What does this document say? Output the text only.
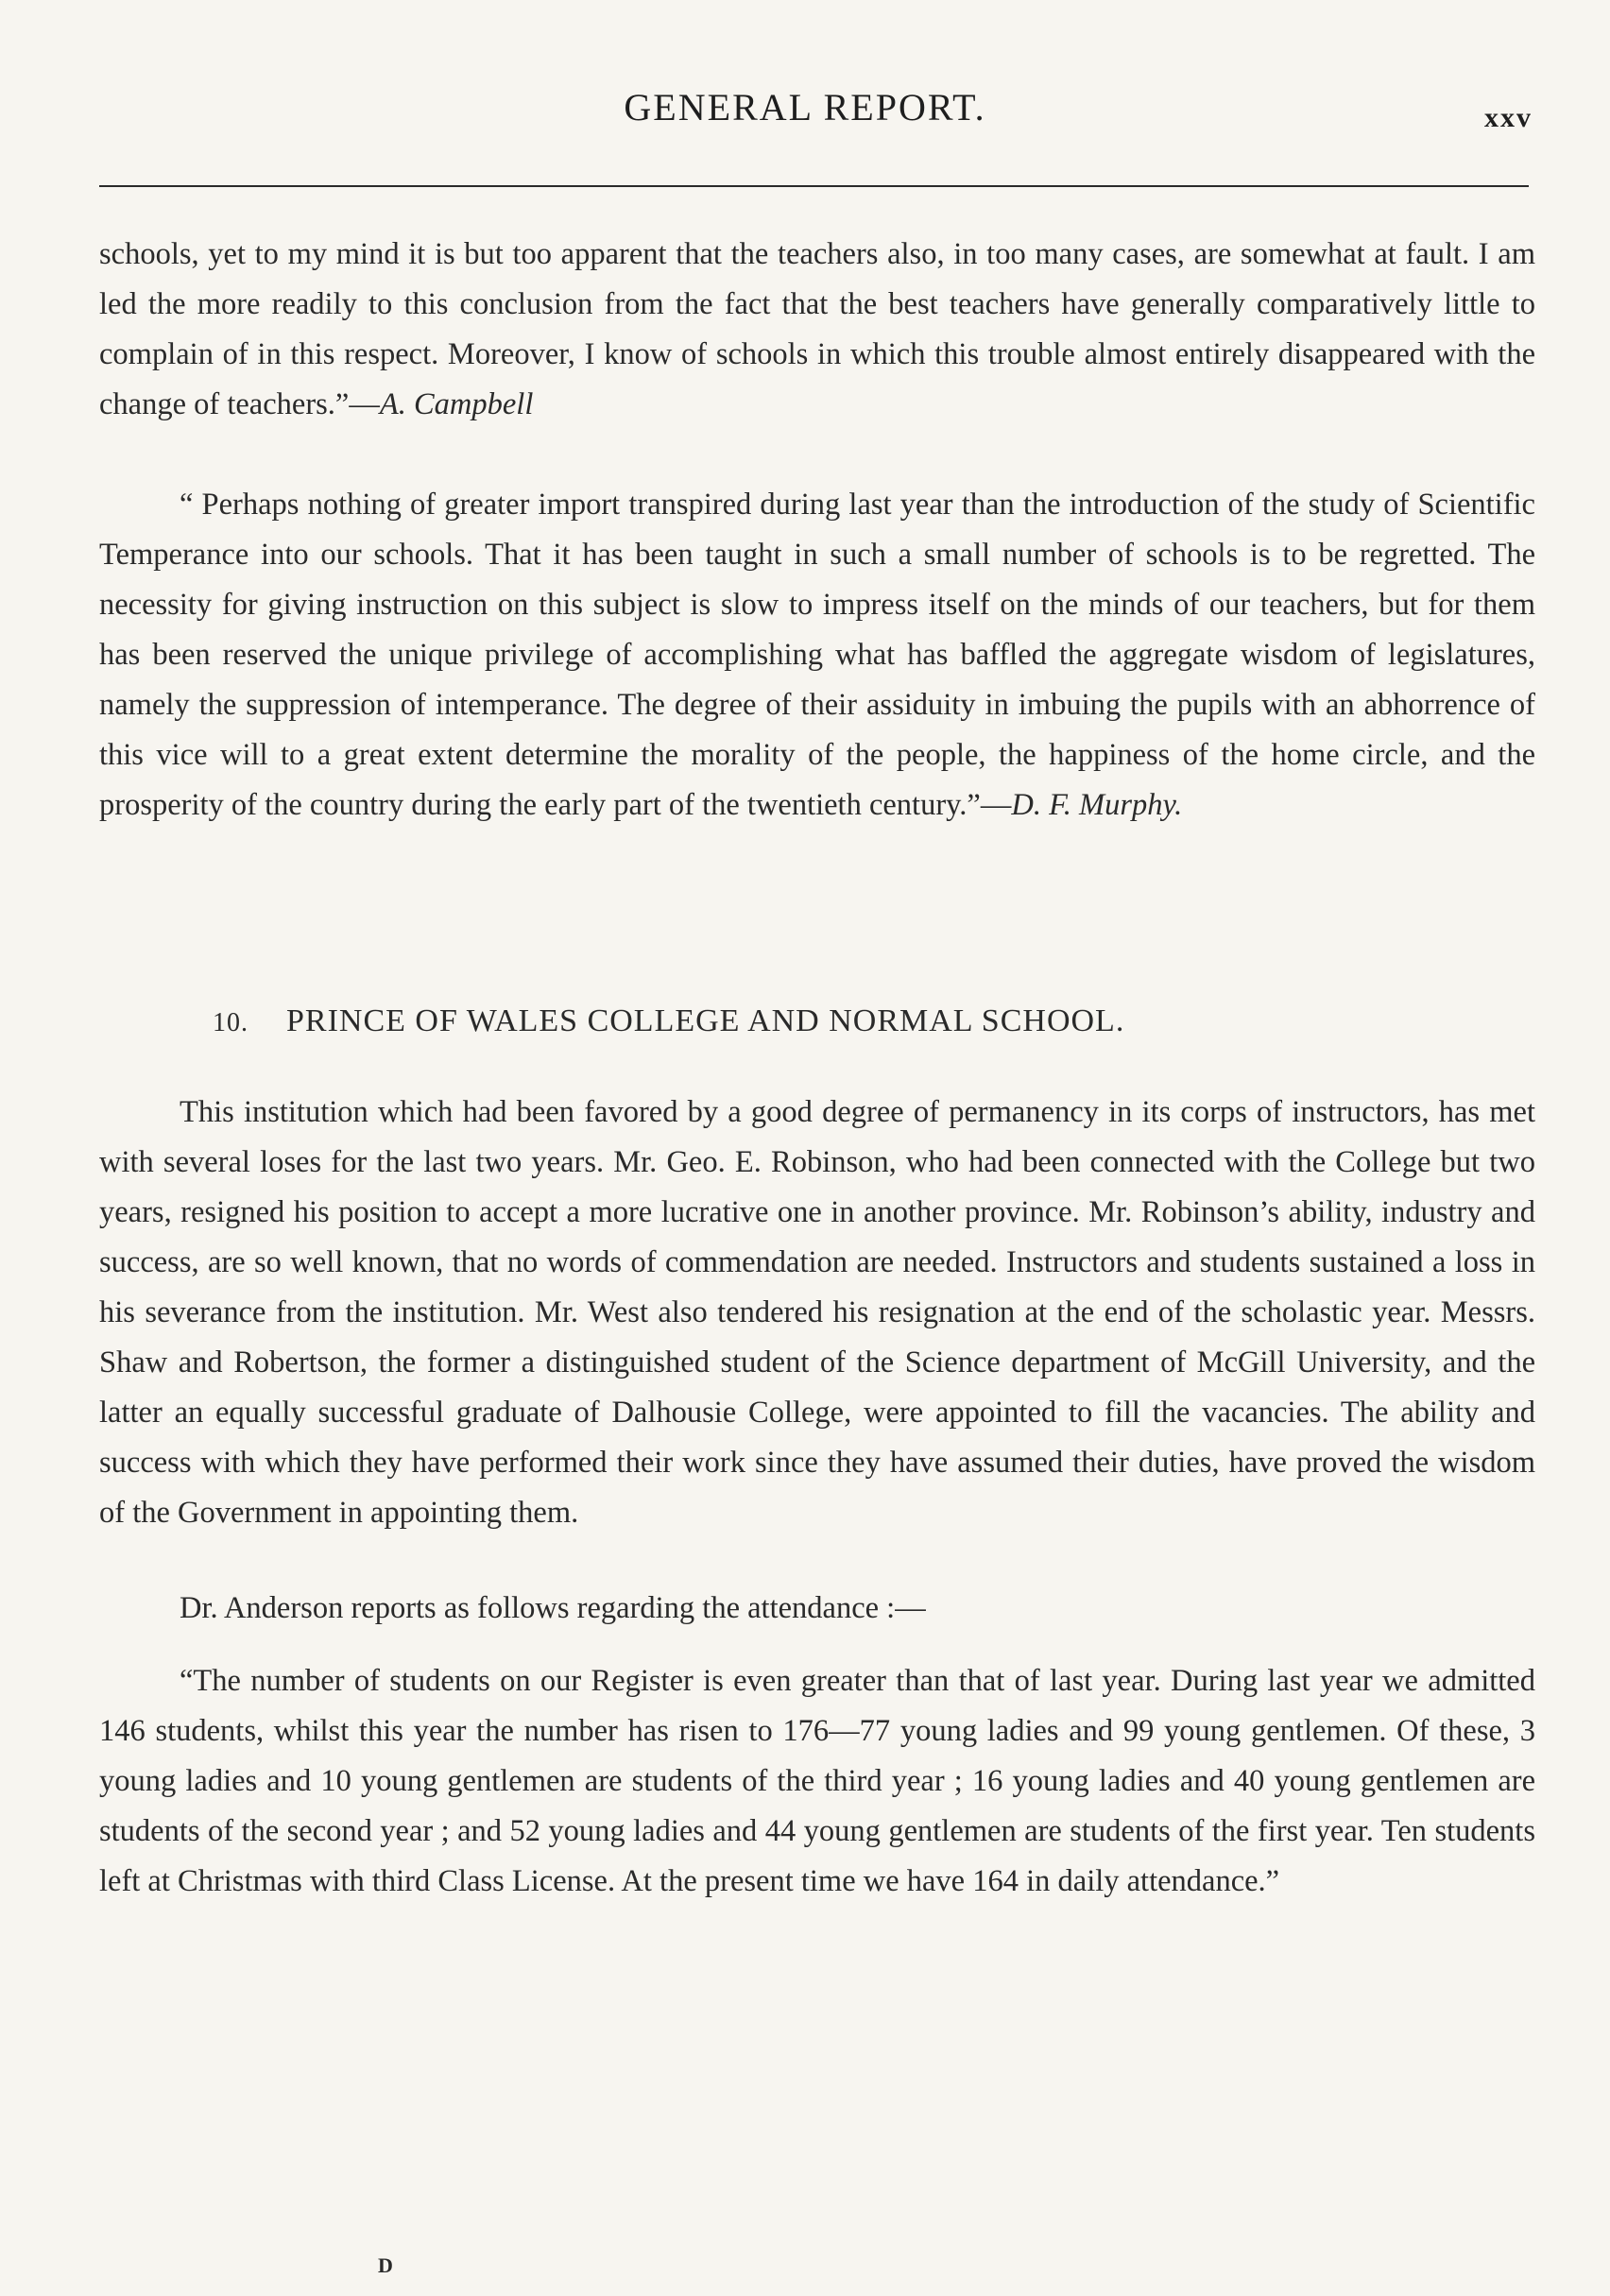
GENERAL REPORT.	xxv

schools, yet to my mind it is but too apparent that the teachers also, in too many cases, are somewhat at fault. I am led the more readily to this conclusion from the fact that the best teachers have generally comparatively little to complain of in this respect. Moreover, I know of schools in which this trouble almost entirely disappeared with the change of teachers.”—A. Campbell

“ Perhaps nothing of greater import transpired during last year than the introduction of the study of Scientific Temperance into our schools. That it has been taught in such a small number of schools is to be regretted. The necessity for giving instruction on this subject is slow to impress itself on the minds of our teachers, but for them has been reserved the unique privilege of accomplishing what has baffled the aggregate wisdom of legislatures, namely the suppression of intemperance. The degree of their assiduity in imbuing the pupils with an abhorrence of this vice will to a great extent determine the morality of the people, the happiness of the home circle, and the prosperity of the country during the early part of the twentieth century.”—D. F. Murphy.

10. PRINCE OF WALES COLLEGE AND NORMAL SCHOOL.

This institution which had been favored by a good degree of permanency in its corps of instructors, has met with several loses for the last two years. Mr. Geo. E. Robinson, who had been connected with the College but two years, resigned his position to accept a more lucrative one in another province. Mr. Robinson’s ability, industry and success, are so well known, that no words of commendation are needed. Instructors and students sustained a loss in his severance from the institution. Mr. West also tendered his resignation at the end of the scholastic year. Messrs. Shaw and Robertson, the former a distinguished student of the Science department of McGill University, and the latter an equally successful graduate of Dalhousie College, were appointed to fill the vacancies. The ability and success with which they have performed their work since they have assumed their duties, have proved the wisdom of the Government in appointing them.

Dr. Anderson reports as follows regarding the attendance :—

“The number of students on our Register is even greater than that of last year. During last year we admitted 146 students, whilst this year the number has risen to 176—77 young ladies and 99 young gentlemen. Of these, 3 young ladies and 10 young gentlemen are students of the third year ; 16 young ladies and 40 young gentlemen are students of the second year ; and 52 young ladies and 44 young gentlemen are students of the first year. Ten students left at Christmas with third Class License. At the present time we have 164 in daily attendance.”

D
